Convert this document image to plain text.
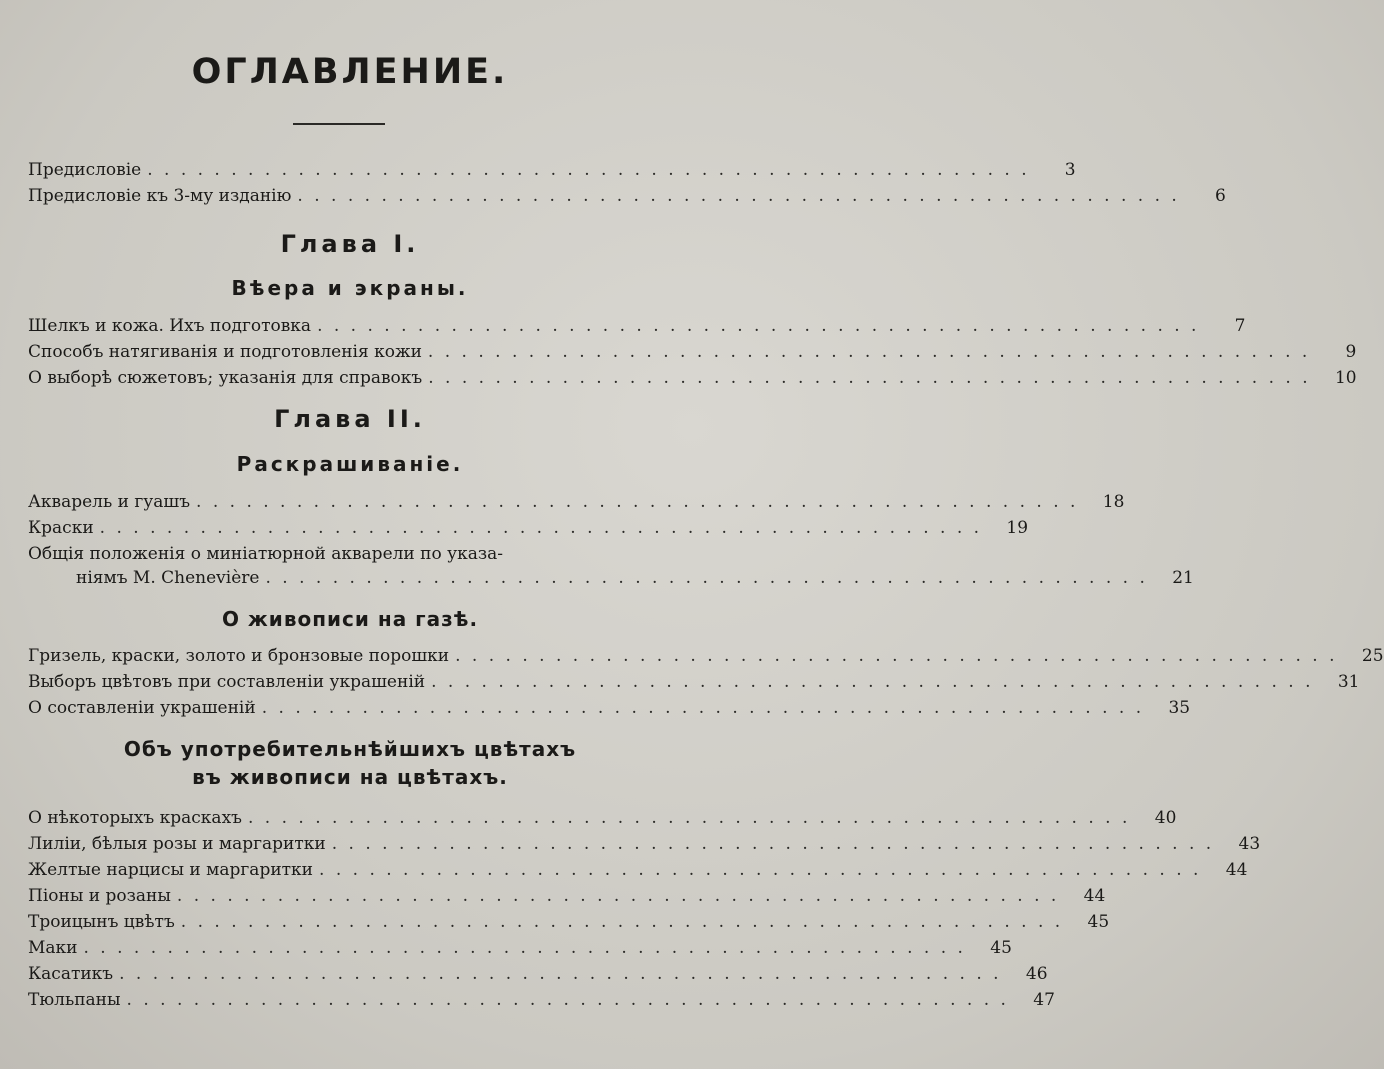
ОГЛАВЛЕНИЕ.
Предисловіе . . . . . . . . . . . . . . . . . . . . . . . . . . . . . . . . . . . . . . . . . . . . . . . . . . . . .	3
Предисловіе къ 3-му изданію . . . . . . . . . . . . . . . . . . . . . . . . . . . . . . . . . . . . . . . . . . . . . . . . . . . . .	6
Глава I.
Вѣера и экраны.
Шелкъ и кожа. Ихъ подготовка . . . . . . . . . . . . . . . . . . . . . . . . . . . . . . . . . . . . . . . . . . . . . . . . . . . . .	7
Способъ натягиванія и подготовленія кожи . . . . . . . . . . . . . . . . . . . . . . . . . . . . . . . . . . . . . . . . . . . . . . . . . . . . .	9
О выборѣ сюжетовъ; указанія для справокъ . . . . . . . . . . . . . . . . . . . . . . . . . . . . . . . . . . . . . . . . . . . . . . . . . . . . .	10
Глава II.
Раскрашиваніе.
Акварель и гуашъ . . . . . . . . . . . . . . . . . . . . . . . . . . . . . . . . . . . . . . . . . . . . . . . . . . . . .	18
Краски . . . . . . . . . . . . . . . . . . . . . . . . . . . . . . . . . . . . . . . . . . . . . . . . . . . . .	19
Общія положенія о миніатюрной акварели по указа-
ніямъ M. Chenevière . . . . . . . . . . . . . . . . . . . . . . . . . . . . . . . . . . . . . . . . . . . . . . . . . . . . .	21
О живописи на газѣ.
Гризель, краски, золото и бронзовые порошки . . . . . . . . . . . . . . . . . . . . . . . . . . . . . . . . . . . . . . . . . . . . . . . . . . . . .	25
Выборъ цвѣтовъ при составленіи украшеній . . . . . . . . . . . . . . . . . . . . . . . . . . . . . . . . . . . . . . . . . . . . . . . . . . . . .	31
О составленіи украшеній . . . . . . . . . . . . . . . . . . . . . . . . . . . . . . . . . . . . . . . . . . . . . . . . . . . . .	35
Объ употребительнѣйшихъ цвѣтахъ
въ живописи на цвѣтахъ.
О нѣкоторыхъ краскахъ . . . . . . . . . . . . . . . . . . . . . . . . . . . . . . . . . . . . . . . . . . . . . . . . . . . . .	40
Лиліи, бѣлыя розы и маргаритки . . . . . . . . . . . . . . . . . . . . . . . . . . . . . . . . . . . . . . . . . . . . . . . . . . . . .	43
Желтые нарцисы и маргаритки . . . . . . . . . . . . . . . . . . . . . . . . . . . . . . . . . . . . . . . . . . . . . . . . . . . . .	44
Піоны и розаны . . . . . . . . . . . . . . . . . . . . . . . . . . . . . . . . . . . . . . . . . . . . . . . . . . . . .	44
Троицынъ цвѣтъ . . . . . . . . . . . . . . . . . . . . . . . . . . . . . . . . . . . . . . . . . . . . . . . . . . . . .	45
Маки . . . . . . . . . . . . . . . . . . . . . . . . . . . . . . . . . . . . . . . . . . . . . . . . . . . . .	45
Касатикъ . . . . . . . . . . . . . . . . . . . . . . . . . . . . . . . . . . . . . . . . . . . . . . . . . . . . .	46
Тюльпаны . . . . . . . . . . . . . . . . . . . . . . . . . . . . . . . . . . . . . . . . . . . . . . . . . . . . .	47
